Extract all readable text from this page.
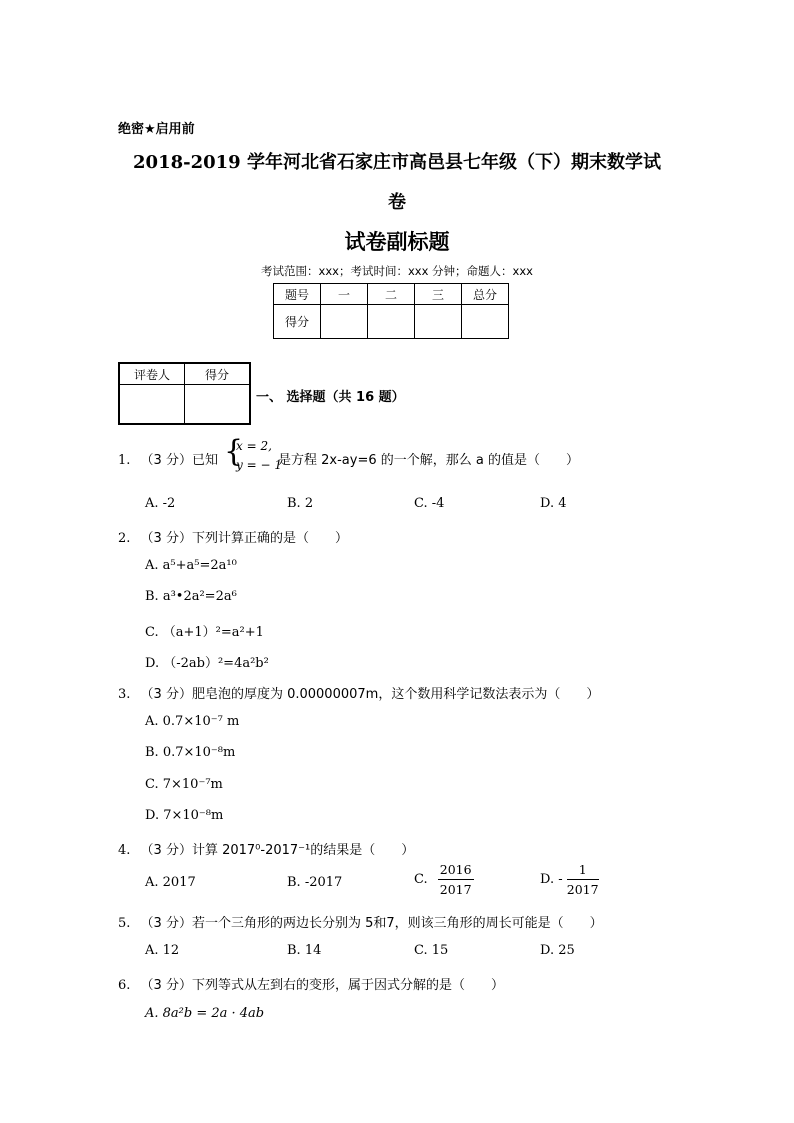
绝密★启用前
2018-2019 学年河北省石家庄市高邑县七年级（下）期末数学试
卷
试卷副标题
考试范围：xxx；考试时间：xxx 分钟；命题人：xxx
题号	一	二	三	总分
得分				
评卷人	得分

一、 选择题（共 16 题）
1. （3 分）已知 {
x = 2,
y = − 1
是方程 2x-ay=6 的一个解，那么 a 的值是（　　）
A. -2	B. 2	C. -4	D. 4
2. （3 分）下列计算正确的是（　　）
A. a⁵+a⁵=2a¹⁰
B. a³•2a²=2a⁶
C. （a+1）²=a²+1
D. （-2ab）²=4a²b²
3. （3 分）肥皂泡的厚度为 0.00000007m，这个数用科学记数法表示为（　　）
A. 0.7×10⁻⁷ m
B. 0.7×10⁻⁸m
C. 7×10⁻⁷m
D. 7×10⁻⁸m
4. （3 分）计算 2017⁰-2017⁻¹的结果是（　　）
A. 2017	B. -2017	C. $\frac{2016}{2017}$	D. - $\frac{1}{2017}$
5. （3 分）若一个三角形的两边长分别为 5和7，则该三角形的周长可能是（　　）
A. 12	B. 14	C. 15	D. 25
6. （3 分）下列等式从左到右的变形，属于因式分解的是（　　）
A. 8a²b = 2a · 4ab
